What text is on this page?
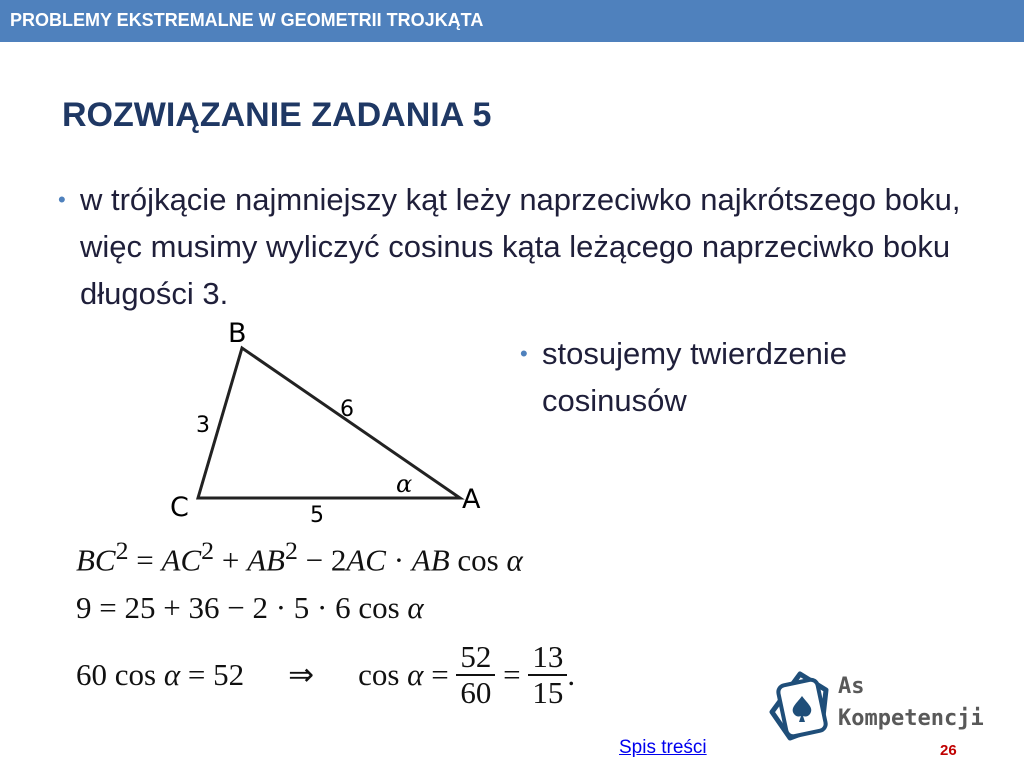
PROBLEMY EKSTREMALNE W GEOMETRII TROJKĄTA
ROZWIĄZANIE ZADANIA 5
• w trójkącie najmniejszy kąt leży naprzeciwko najkrótszego boku, więc musimy wyliczyć cosinus kąta leżącego naprzeciwko boku długości 3.
• stosujemy twierdzenie cosinusów
B
C	A
3
6
5
α
$BC^2 = AC^2 + AB^2 - 2AC$ · AB cos α
9 = 25 + 36 − 2 · 5 · 6 cos α
60 cos α = 52 ⇒ $\cos \alpha = \frac{52}{60} = \frac{13}{15}$ .	As
Kompetencji
Spis treści	26
